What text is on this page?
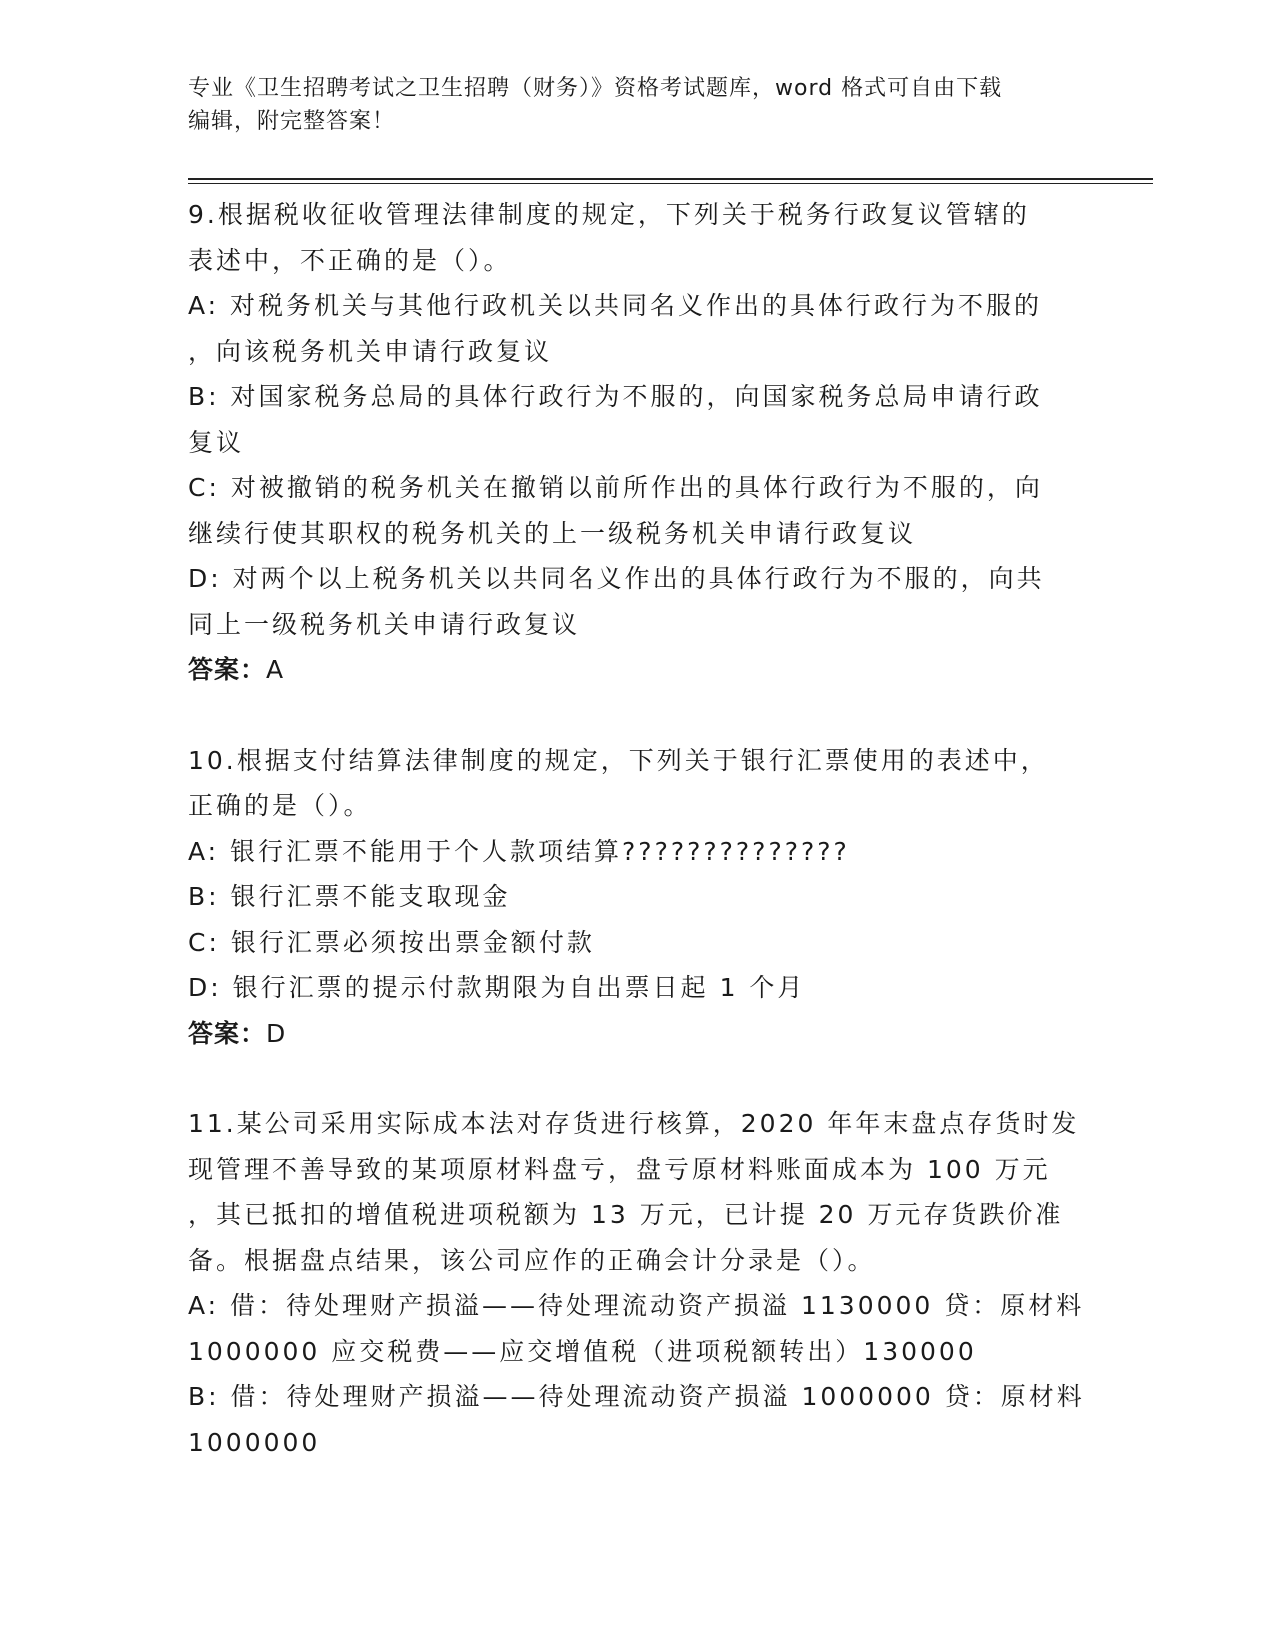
专业《卫生招聘考试之卫生招聘（财务）》资格考试题库，word 格式可自由下载
编辑，附完整答案！
9.根据税收征收管理法律制度的规定，下列关于税务行政复议管辖的
表述中，不正确的是（）。
A: 对税务机关与其他行政机关以共同名义作出的具体行政行为不服的
，向该税务机关申请行政复议
B: 对国家税务总局的具体行政行为不服的，向国家税务总局申请行政
复议
C: 对被撤销的税务机关在撤销以前所作出的具体行政行为不服的，向
继续行使其职权的税务机关的上一级税务机关申请行政复议
D: 对两个以上税务机关以共同名义作出的具体行政行为不服的，向共
同上一级税务机关申请行政复议
答案：A
10.根据支付结算法律制度的规定，下列关于银行汇票使用的表述中，
正确的是（）。
A: 银行汇票不能用于个人款项结算??????????????
B: 银行汇票不能支取现金
C: 银行汇票必须按出票金额付款
D: 银行汇票的提示付款期限为自出票日起 1 个月
答案：D
11.某公司采用实际成本法对存货进行核算，2020 年年末盘点存货时发
现管理不善导致的某项原材料盘亏，盘亏原材料账面成本为 100 万元
，其已抵扣的增值税进项税额为 13 万元，已计提 20 万元存货跌价准
备。根据盘点结果，该公司应作的正确会计分录是（）。
A: 借：待处理财产损溢——待处理流动资产损溢 1130000 贷：原材料
1000000 应交税费——应交增值税（进项税额转出）130000
B: 借：待处理财产损溢——待处理流动资产损溢 1000000 贷：原材料
1000000
